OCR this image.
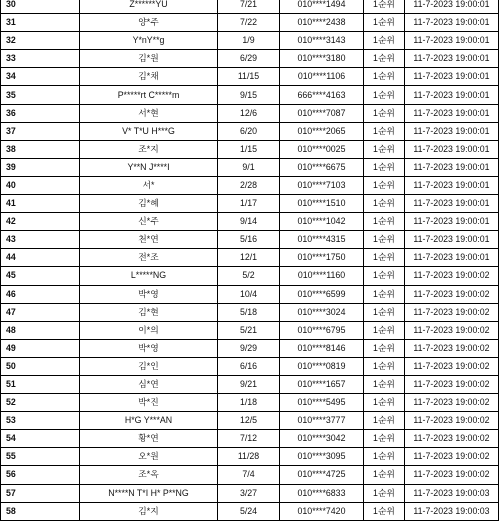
30	Z******YU	7/21	010****1494	1순위	11-7-2023 19:00:01
31	양*주	7/22	010****2438	1순위	11-7-2023 19:00:01
32	Y*nY**g	1/9	010****3143	1순위	11-7-2023 19:00:01
33	김*원	6/29	010****3180	1순위	11-7-2023 19:00:01
34	김*채	11/15	010****1106	1순위	11-7-2023 19:00:01
35	P*****rt C*****m	9/15	666****4163	1순위	11-7-2023 19:00:01
36	서*현	12/6	010****7087	1순위	11-7-2023 19:00:01
37	V* T*U H***G	6/20	010****2065	1순위	11-7-2023 19:00:01
38	조*지	1/15	010****0025	1순위	11-7-2023 19:00:01
39	Y**N J****I	9/1	010****6675	1순위	11-7-2023 19:00:01
40	서*	2/28	010****7103	1순위	11-7-2023 19:00:01
41	김*혜	1/17	010****1510	1순위	11-7-2023 19:00:01
42	신*주	9/14	010****1042	1순위	11-7-2023 19:00:01
43	천*연	5/16	010****4315	1순위	11-7-2023 19:00:01
44	전*조	12/1	010****1750	1순위	11-7-2023 19:00:01
45	L*****NG	5/2	010****1160	1순위	11-7-2023 19:00:02
46	박*영	10/4	010****6599	1순위	11-7-2023 19:00:02
47	김*현	5/18	010****3024	1순위	11-7-2023 19:00:02
48	이*의	5/21	010****6795	1순위	11-7-2023 19:00:02
49	박*영	9/29	010****8146	1순위	11-7-2023 19:00:02
50	김*인	6/16	010****0819	1순위	11-7-2023 19:00:02
51	심*연	9/21	010****1657	1순위	11-7-2023 19:00:02
52	박*진	1/18	010****5495	1순위	11-7-2023 19:00:02
53	H*G Y***AN	12/5	010****3777	1순위	11-7-2023 19:00:02
54	황*연	7/12	010****3042	1순위	11-7-2023 19:00:02
55	오*원	11/28	010****3095	1순위	11-7-2023 19:00:02
56	조*옥	7/4	010****4725	1순위	11-7-2023 19:00:02
57	N****N T*I H* P**NG	3/27	010****6833	1순위	11-7-2023 19:00:03
58	김*지	5/24	010****7420	1순위	11-7-2023 19:00:03
